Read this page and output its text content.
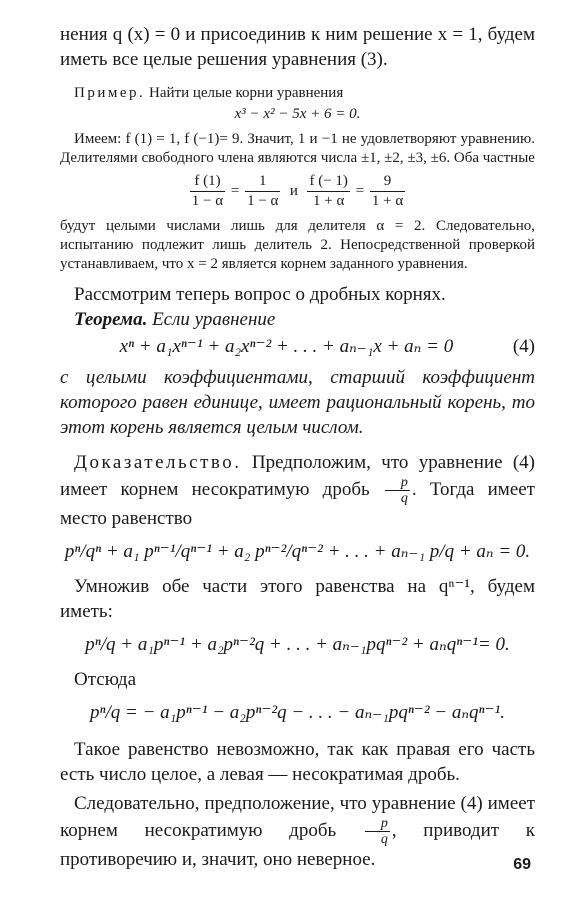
нения q (x) = 0 и присоединив к ним решение x = 1, будем иметь все целые решения уравнения (3).

Пример. Найти целые корни уравнения
x³ − x² − 5x + 6 = 0.

Имеем: f (1) = 1, f (−1)= 9. Значит, 1 и −1 не удовлетворяют уравнению. Делителями свободного члена являются числа ±1, ±2, ±3, ±6. Оба частные

$\frac{f (1)}{1 - \alpha} = \frac{1}{1 - \alpha}$ и $\frac{f (- 1)}{1 + \alpha} = \frac{9}{1 + \alpha}$

будут целыми числами лишь для делителя α = 2. Следовательно, испытанию подлежит лишь делитель 2. Непосредственной проверкой устанавливаем, что x = 2 является корнем заданного уравнения.

Рассмотрим теперь вопрос о дробных корнях.

Теорема. Если уравнение
xⁿ + a₁xⁿ⁻¹ + a₂xⁿ⁻² + . . . + aₙ₋₁x + aₙ = 0	(4)

с целыми коэффициентами, старший коэффициент которого равен единице, имеет рациональный корень, то этот корень является целым числом.

Доказательство. Предположим, что уравнение (4) имеет корнем несократимую дробь $\frac{p}{q}$ . Тогда имеет место равенство

pⁿ/qⁿ + a₁ pⁿ⁻¹/qⁿ⁻¹ + a₂ pⁿ⁻²/qⁿ⁻² + . . . + aₙ₋₁ p/q + aₙ = 0.

Умножив обе части этого равенства на qⁿ⁻¹, будем иметь:

pⁿ/q + a₁pⁿ⁻¹ + a₂pⁿ⁻²q + . . . + aₙ₋₁pqⁿ⁻² + aₙqⁿ⁻¹= 0.

Отсюда

pⁿ/q = − a₁pⁿ⁻¹ − a₂pⁿ⁻²q − . . . − aₙ₋₁pqⁿ⁻² − aₙqⁿ⁻¹.

Такое равенство невозможно, так как правая его часть есть число целое, а левая — несократимая дробь.

Следовательно, предположение, что уравнение (4) имеет корнем несократимую дробь $\frac{p}{q}$ , приводит к противоречию и, значит, оно неверное.	69
